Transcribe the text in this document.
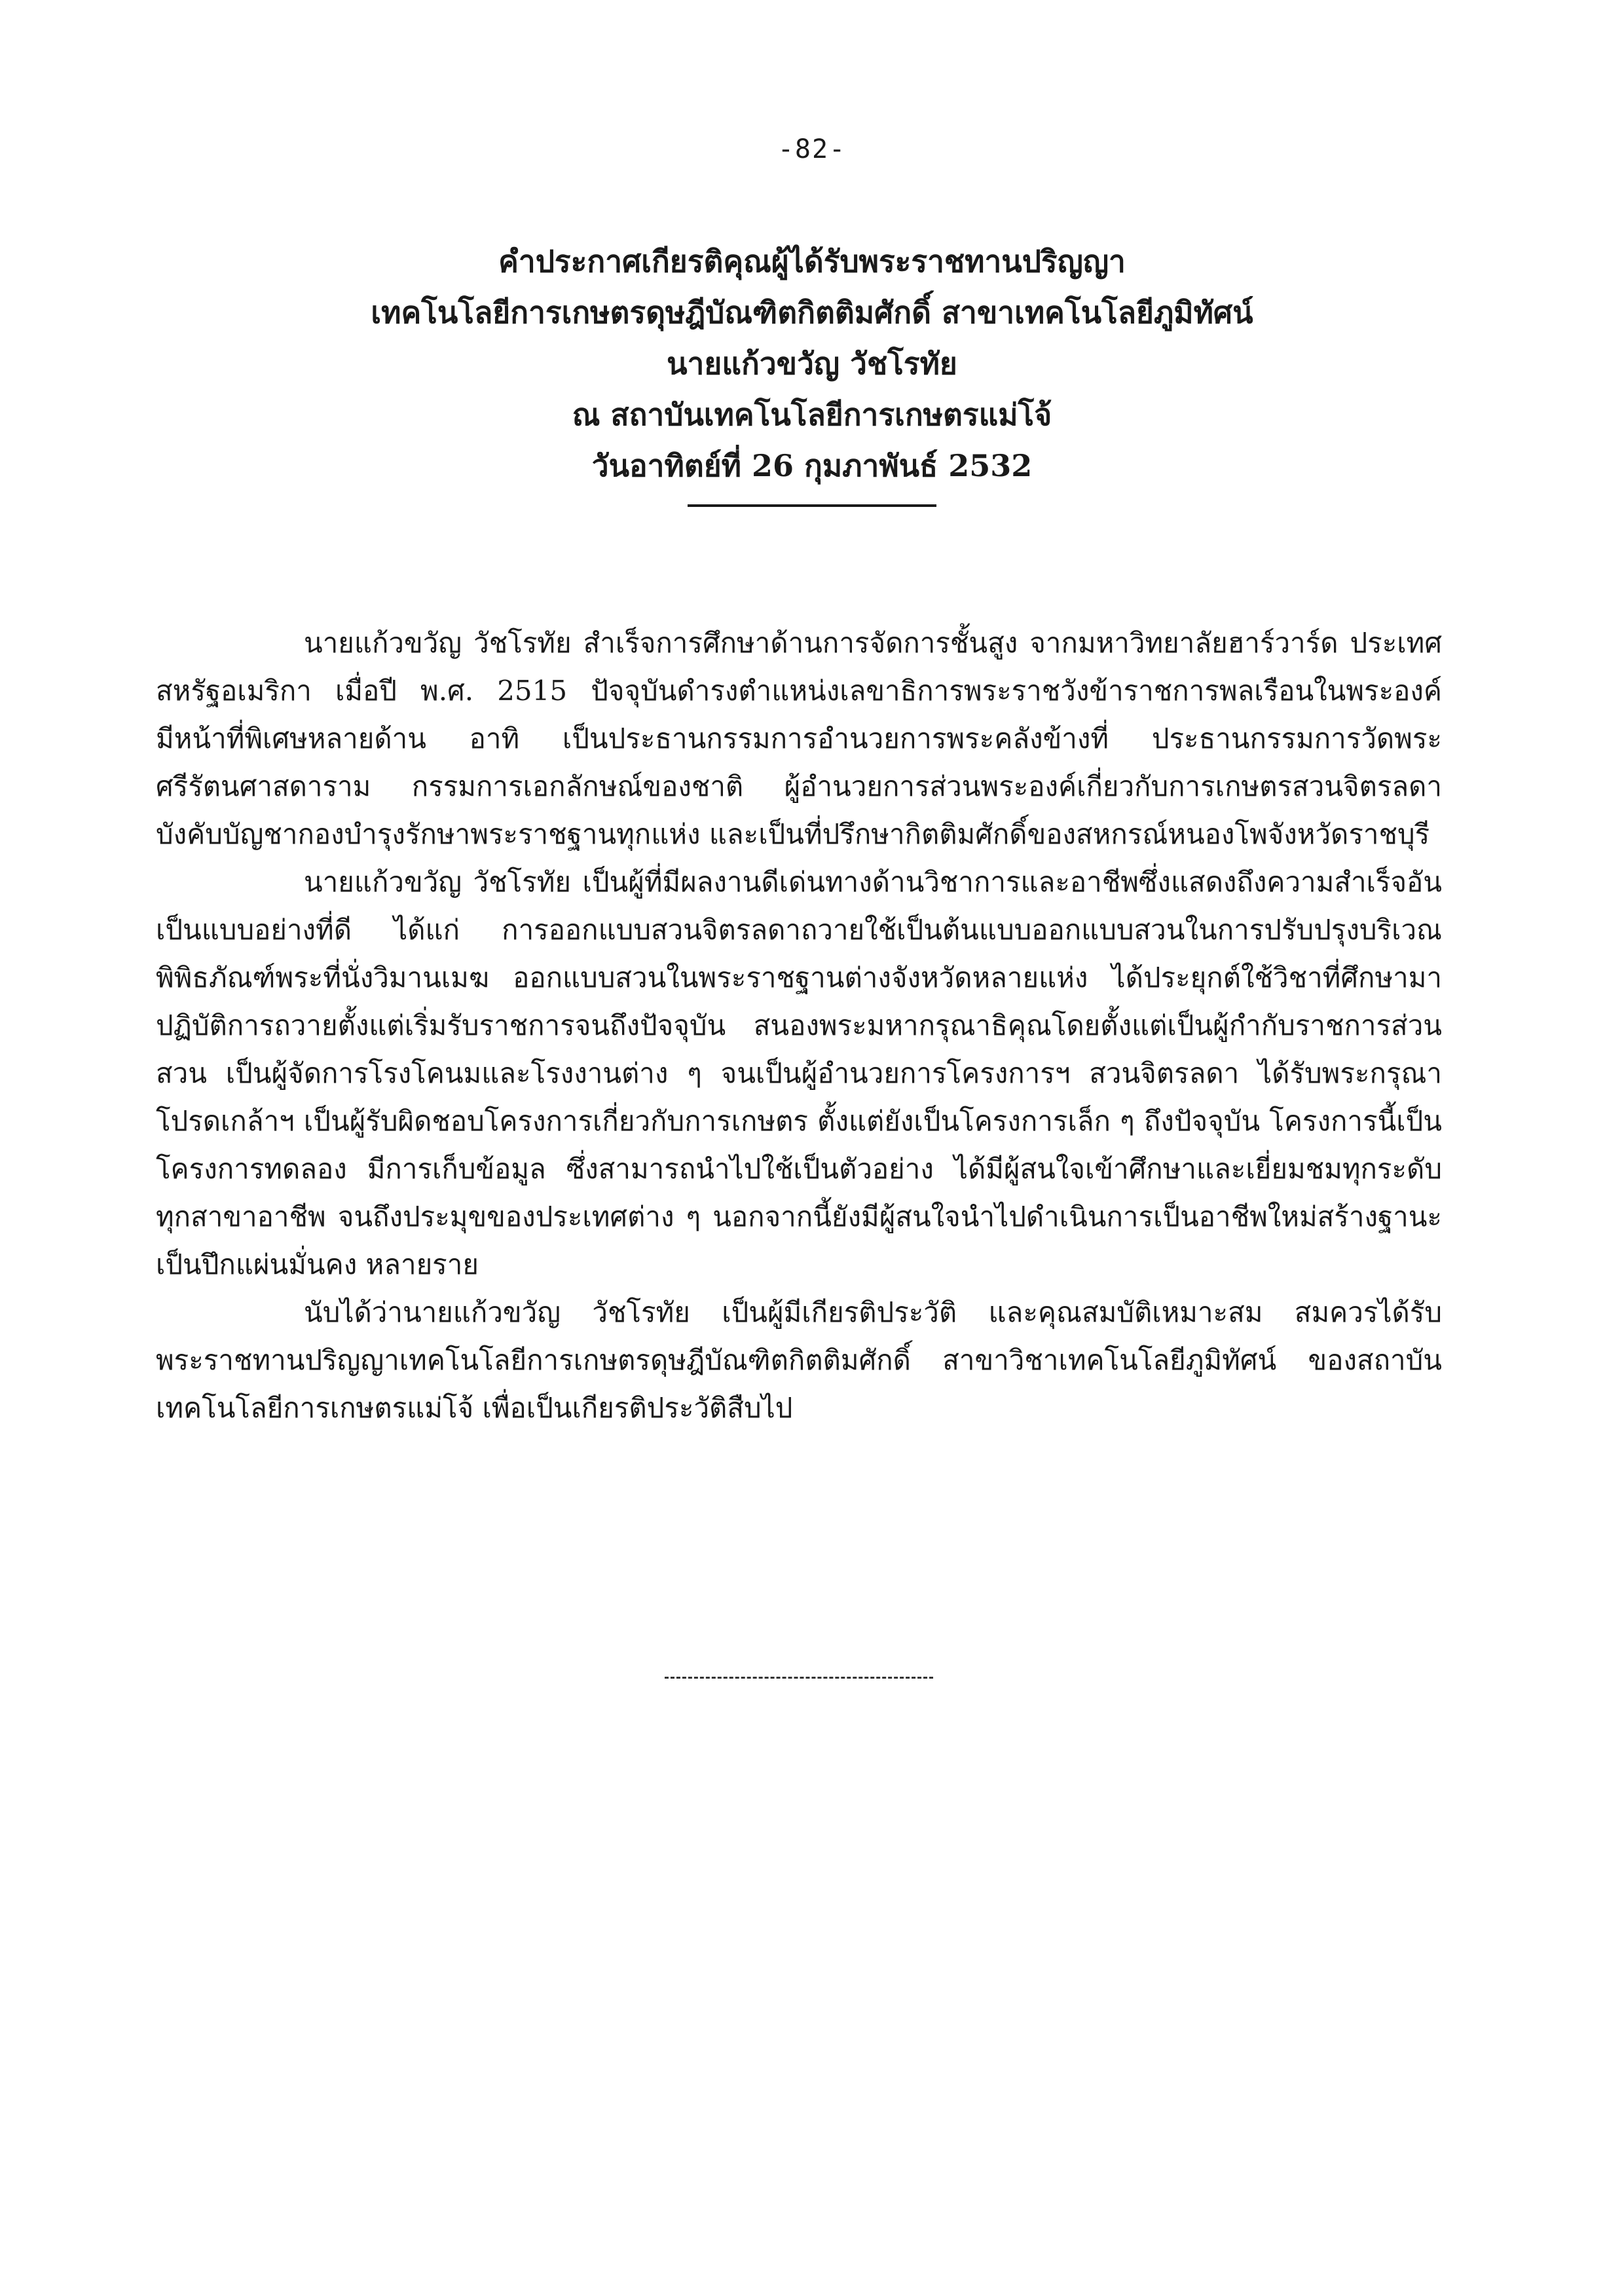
-82-
คำประกาศเกียรติคุณผู้ได้รับพระราชทานปริญญา
เทคโนโลยีการเกษตรดุษฎีบัณฑิตกิตติมศักดิ์ สาขาเทคโนโลยีภูมิทัศน์
นายแก้วขวัญ วัชโรทัย
ณ สถาบันเทคโนโลยีการเกษตรแม่โจ้
วันอาทิตย์ที่ 26 กุมภาพันธ์ 2532

นายแก้วขวัญ วัชโรทัย สำเร็จการศึกษาด้านการจัดการชั้นสูง จากมหาวิทยาลัยฮาร์วาร์ด ประเทศสหรัฐอเมริกา เมื่อปี พ.ศ. 2515 ปัจจุบันดำรงตำแหน่งเลขาธิการพระราชวังข้าราชการพลเรือนในพระองค์ มีหน้าที่พิเศษหลายด้าน อาทิ เป็นประธานกรรมการอำนวยการพระคลังข้างที่ ประธานกรรมการวัดพระศรีรัตนศาสดาราม กรรมการเอกลักษณ์ของชาติ ผู้อำนวยการส่วนพระองค์เกี่ยวกับการเกษตรสวนจิตรลดา บังคับบัญชากองบำรุงรักษาพระราชฐานทุกแห่ง และเป็นที่ปรึกษากิตติมศักดิ์ของสหกรณ์หนองโพจังหวัดราชบุรี

นายแก้วขวัญ วัชโรทัย เป็นผู้ที่มีผลงานดีเด่นทางด้านวิชาการและอาชีพซึ่งแสดงถึงความสำเร็จอันเป็นแบบอย่างที่ดี ได้แก่ การออกแบบสวนจิตรลดาถวายใช้เป็นต้นแบบออกแบบสวนในการปรับปรุงบริเวณพิพิธภัณฑ์พระที่นั่งวิมานเมฆ ออกแบบสวนในพระราชฐานต่างจังหวัดหลายแห่ง ได้ประยุกต์ใช้วิชาที่ศึกษามาปฏิบัติการถวายตั้งแต่เริ่มรับราชการจนถึงปัจจุบัน สนองพระมหากรุณาธิคุณโดยตั้งแต่เป็นผู้กำกับราชการส่วนสวน เป็นผู้จัดการโรงโคนมและโรงงานต่าง ๆ จนเป็นผู้อำนวยการโครงการฯ สวนจิตรลดา ได้รับพระกรุณาโปรดเกล้าฯ เป็นผู้รับผิดชอบโครงการเกี่ยวกับการเกษตร ตั้งแต่ยังเป็นโครงการเล็ก ๆ ถึงปัจจุบัน โครงการนี้เป็นโครงการทดลอง มีการเก็บข้อมูล ซึ่งสามารถนำไปใช้เป็นตัวอย่าง ได้มีผู้สนใจเข้าศึกษาและเยี่ยมชมทุกระดับทุกสาขาอาชีพ จนถึงประมุขของประเทศต่าง ๆ นอกจากนี้ยังมีผู้สนใจนำไปดำเนินการเป็นอาชีพใหม่สร้างฐานะเป็นปึกแผ่นมั่นคง หลายราย

นับได้ว่านายแก้วขวัญ วัชโรทัย เป็นผู้มีเกียรติประวัติ และคุณสมบัติเหมาะสม สมควรได้รับพระราชทานปริญญาเทคโนโลยีการเกษตรดุษฎีบัณฑิตกิตติมศักดิ์ สาขาวิชาเทคโนโลยีภูมิทัศน์ ของสถาบันเทคโนโลยีการเกษตรแม่โจ้ เพื่อเป็นเกียรติประวัติสืบไป
